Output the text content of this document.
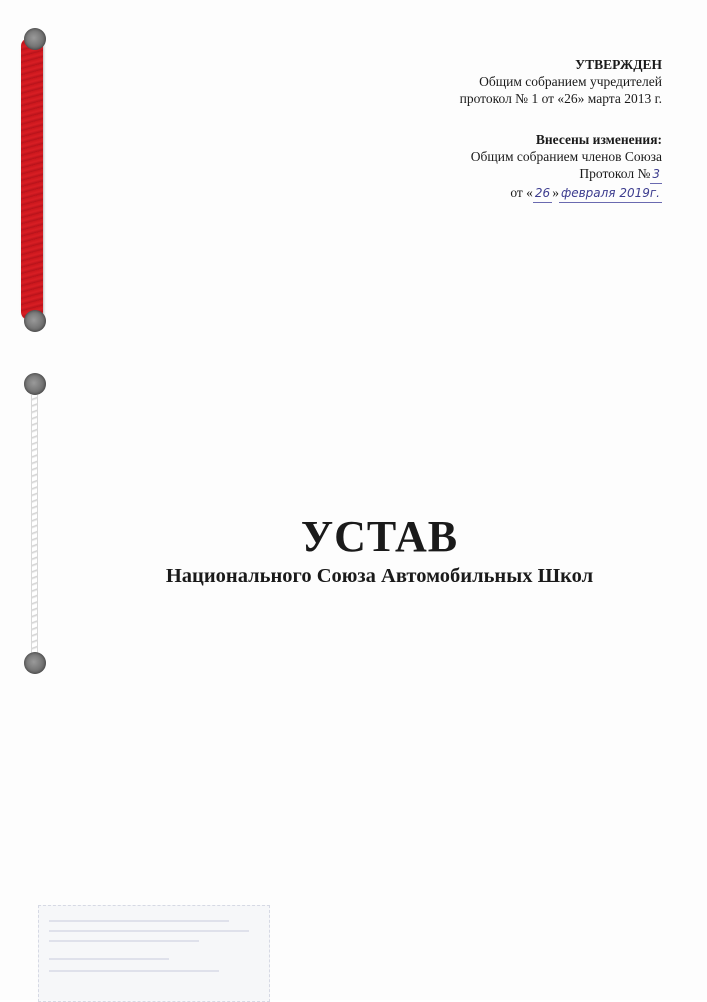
УТВЕРЖДЕН
Общим собранием учредителей
протокол № 1 от «26» марта 2013 г.
Внесены изменения:
Общим собранием членов Союза
Протокол № 3
от « 26 » февраля 2019г.
УСТАВ
Национального Союза Автомобильных Школ
